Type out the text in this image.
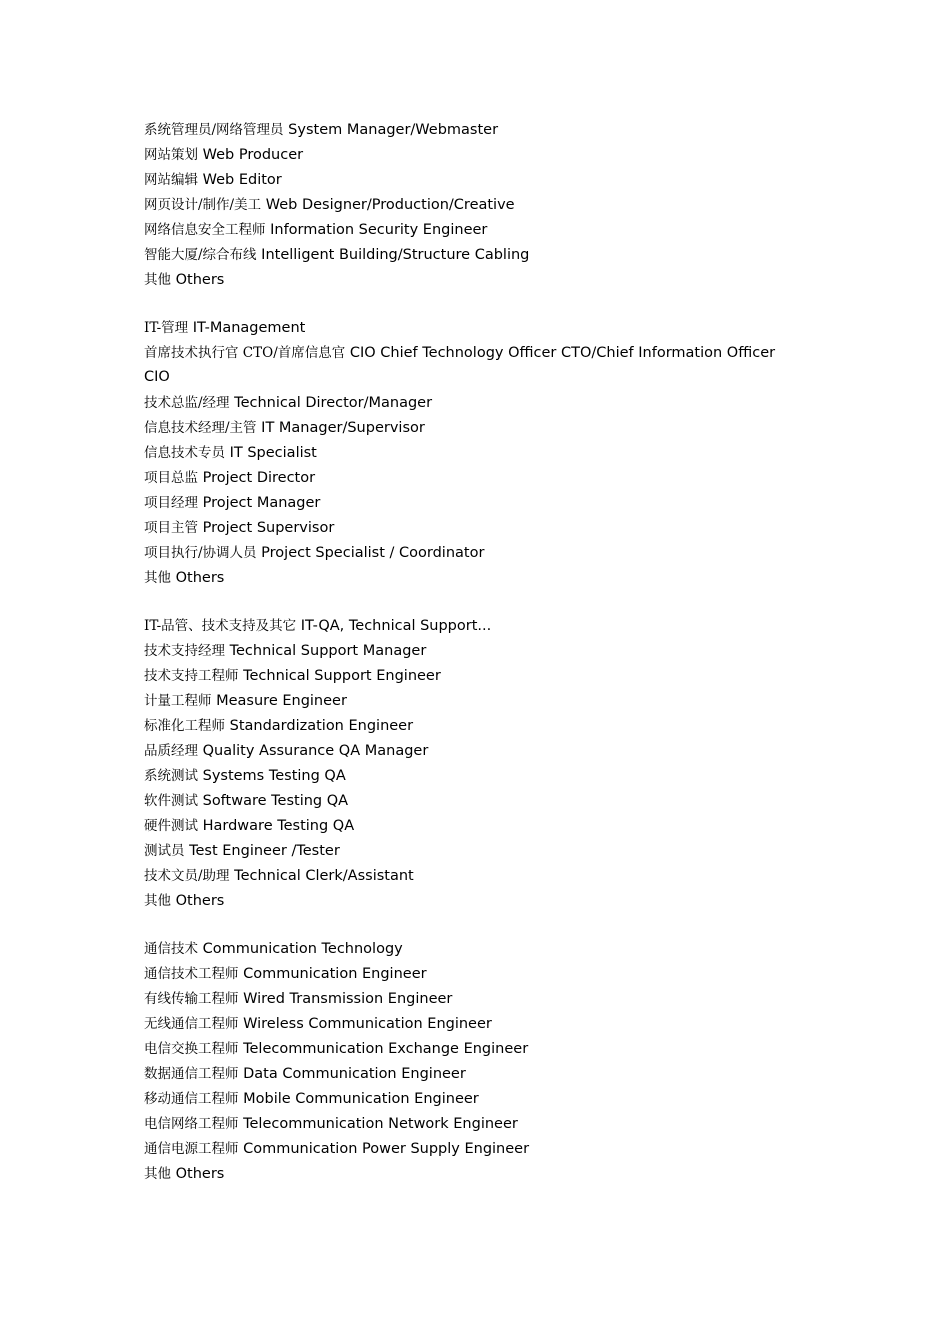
系统管理员/网络管理员 System Manager/Webmaster
网站策划 Web Producer
网站编辑 Web Editor
网页设计/制作/美工 Web Designer/Production/Creative
网络信息安全工程师 Information Security Engineer
智能大厦/综合布线 Intelligent Building/Structure Cabling
其他 Others
IT-管理 IT-Management
首席技术执行官 CTO/首席信息官 CIO Chief Technology Officer CTO/Chief Information Officer CIO
技术总监/经理 Technical Director/Manager
信息技术经理/主管 IT Manager/Supervisor
信息技术专员 IT Specialist
项目总监 Project Director
项目经理 Project Manager
项目主管 Project Supervisor
项目执行/协调人员 Project Specialist / Coordinator
其他 Others
IT-品管、技术支持及其它 IT-QA, Technical Support...
技术支持经理 Technical Support Manager
技术支持工程师 Technical Support Engineer
计量工程师 Measure Engineer
标准化工程师 Standardization Engineer
品质经理 Quality Assurance QA Manager
系统测试 Systems Testing QA
软件测试 Software Testing QA
硬件测试 Hardware Testing QA
测试员 Test Engineer /Tester
技术文员/助理 Technical Clerk/Assistant
其他 Others
通信技术 Communication Technology
通信技术工程师 Communication Engineer
有线传输工程师 Wired Transmission Engineer
无线通信工程师 Wireless Communication Engineer
电信交换工程师 Telecommunication Exchange Engineer
数据通信工程师 Data Communication Engineer
移动通信工程师 Mobile Communication Engineer
电信网络工程师 Telecommunication Network Engineer
通信电源工程师 Communication Power Supply Engineer
其他 Others
